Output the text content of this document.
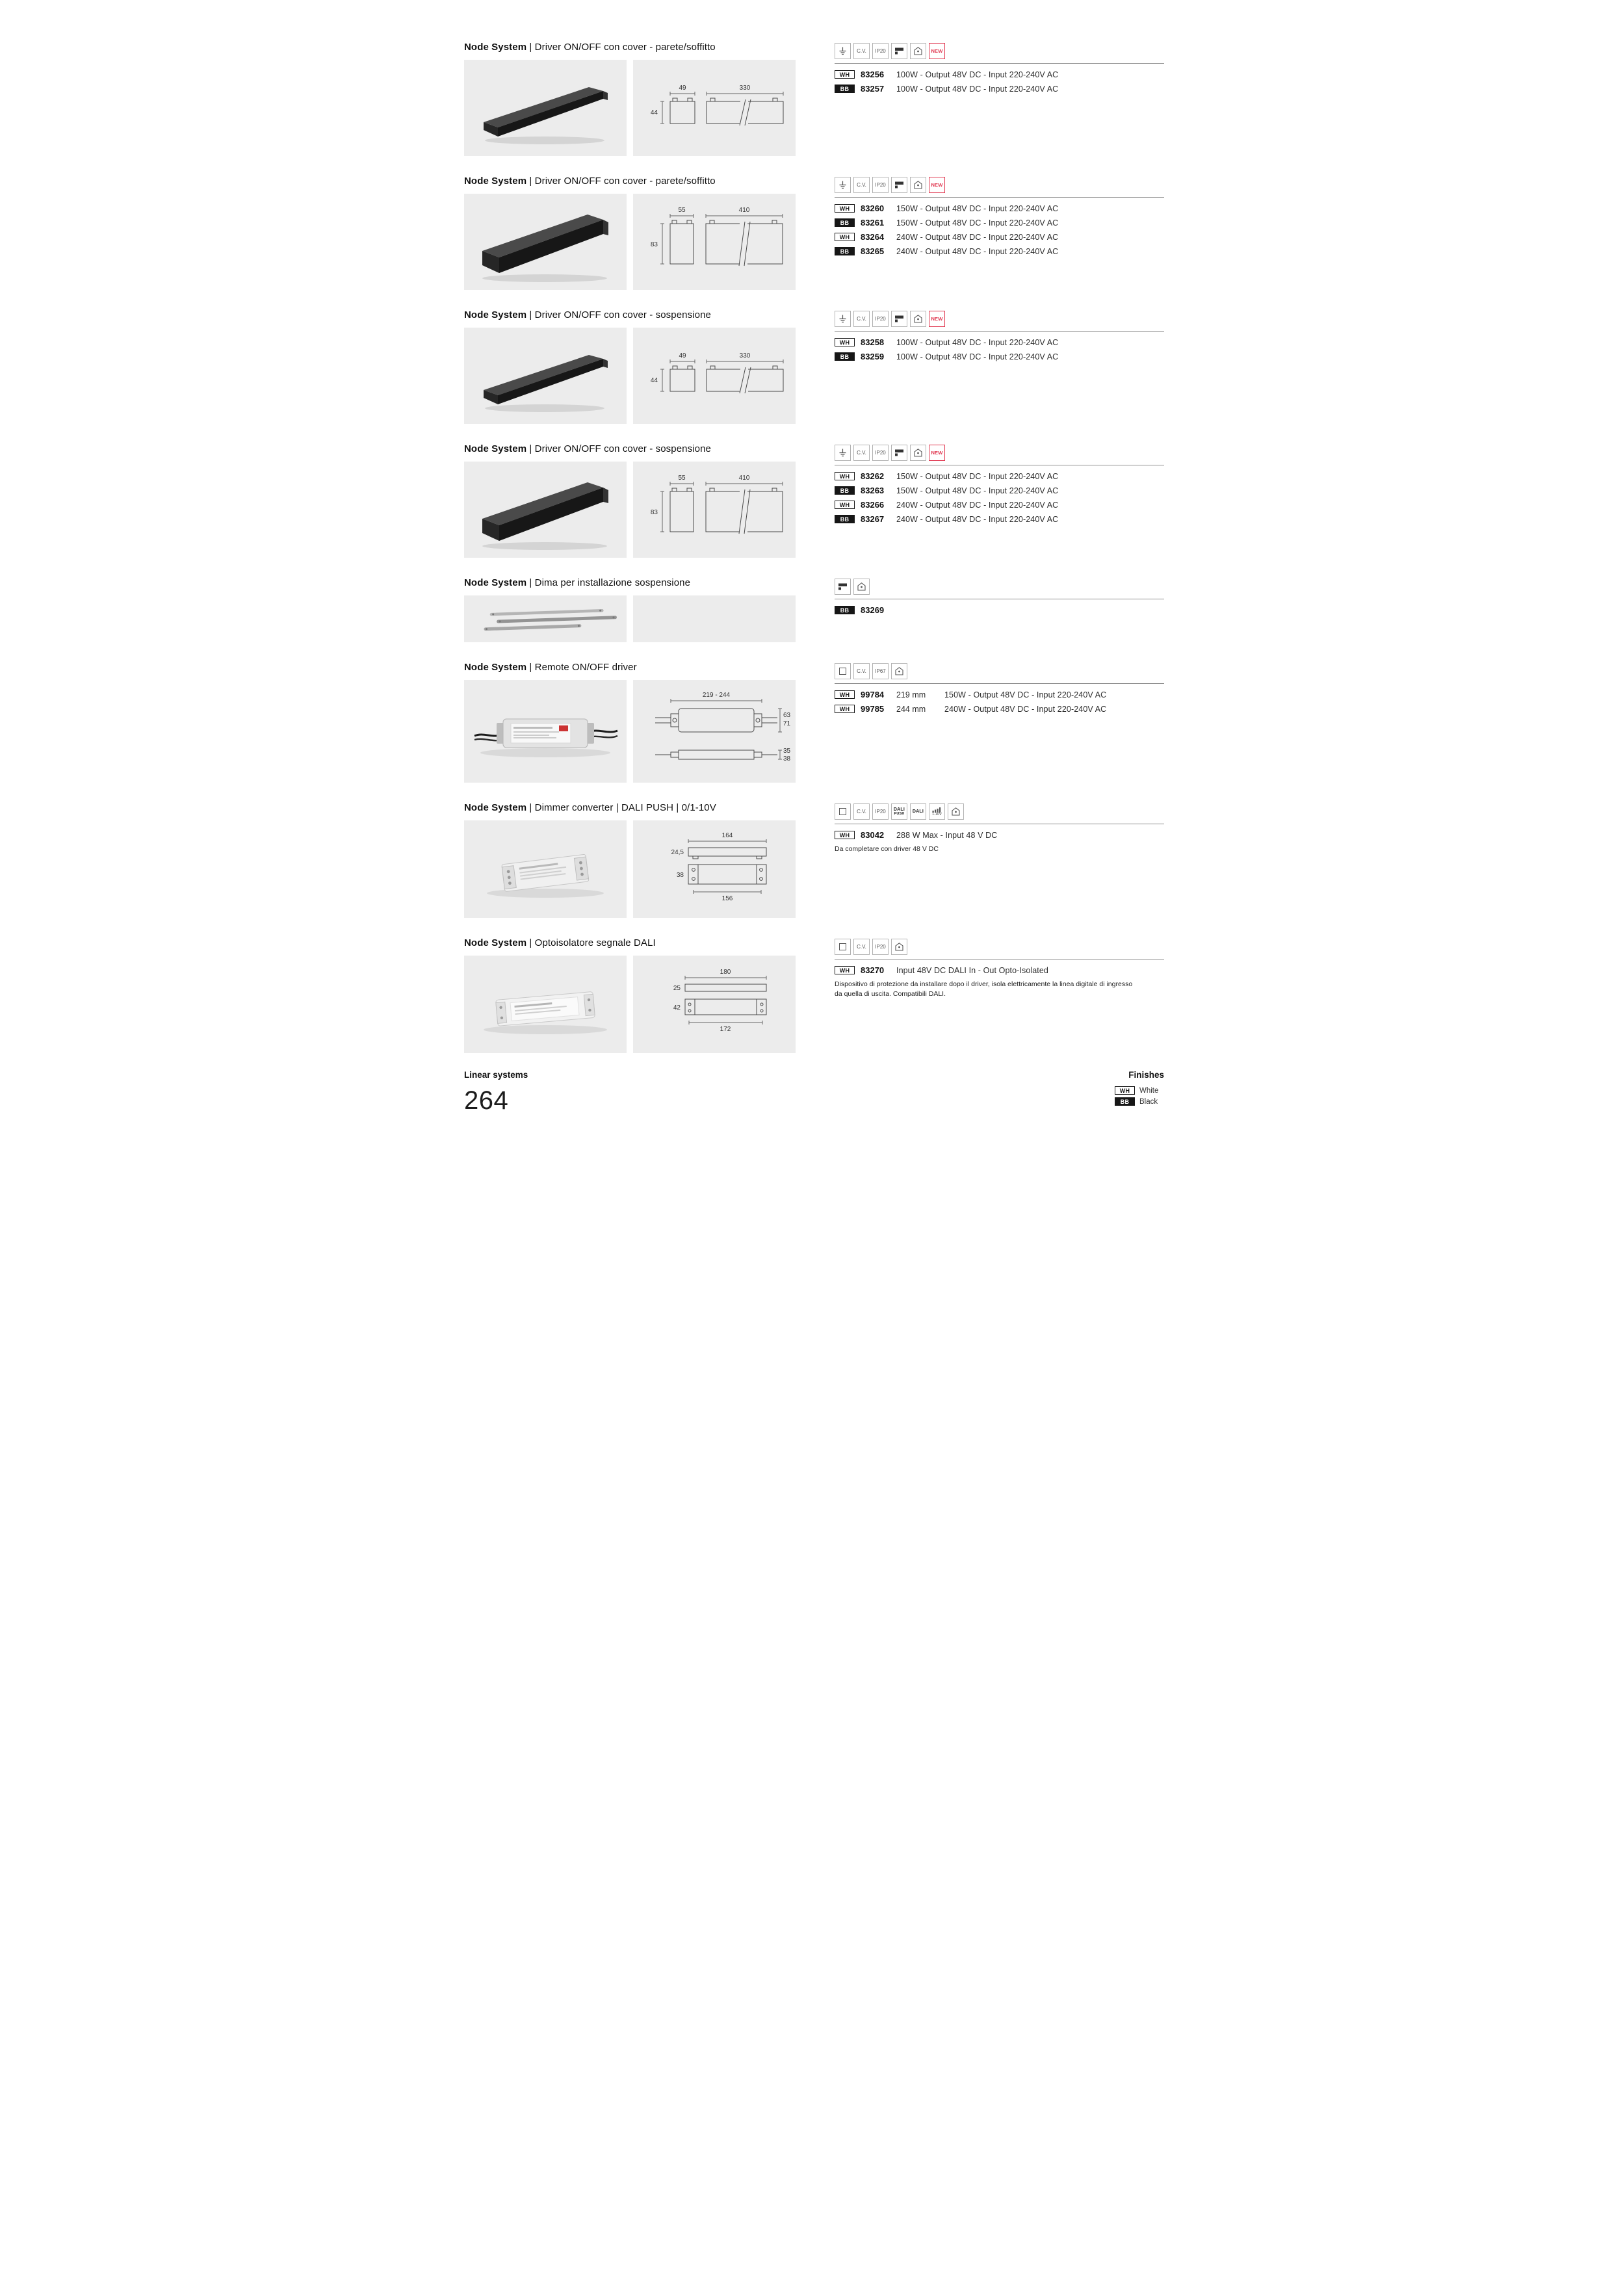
Node System | Driver ON/OFF con cover - parete/soffitto
49
44
330
C.V.	IP20	NEW
WH	83256	100W - Output 48V DC - Input 220-240V AC
BB	83257	100W - Output 48V DC - Input 220-240V AC
Node System | Driver ON/OFF con cover - parete/soffitto
55
83
410
C.V.	IP20	NEW
WH	83260	150W - Output 48V DC - Input 220-240V AC
BB	83261	150W - Output 48V DC - Input 220-240V AC
WH	83264	240W - Output 48V DC - Input 220-240V AC
BB	83265	240W - Output 48V DC - Input 220-240V AC
Node System | Driver ON/OFF con cover - sospensione
49
44
330
C.V.	IP20	NEW
WH	83258	100W - Output 48V DC - Input 220-240V AC
BB	83259	100W - Output 48V DC - Input 220-240V AC
Node System | Driver ON/OFF con cover - sospensione
55
83
410
C.V.	IP20	NEW
WH	83262	150W - Output 48V DC - Input 220-240V AC
BB	83263	150W - Output 48V DC - Input 220-240V AC
WH	83266	240W - Output 48V DC - Input 220-240V AC
BB	83267	240W - Output 48V DC - Input 220-240V AC
Node System | Dima per installazione sospensione
BB	83269
Node System | Remote ON/OFF driver
219 - 244
63
71
35
38
C.V.	IP67
WH	99784	219 mm	150W - Output 48V DC - Input 220-240V AC
WH	99785	244 mm	240W - Output 48V DC - Input 220-240V AC
Node System | Dimmer converter | DALI PUSH | 0/1-10V
164
24,5
38
156
C.V.	IP20	DALI
PUSH DALI
1-10V
WH	83042	288 W Max - Input 48 V DC

Da completare con driver 48 V DC

Node System | Optoisolatore segnale DALI
180
25
42
172
C.V.	IP20
WH	83270	Input 48V DC DALI In - Out Opto-Isolated

Dispositivo di protezione da installare dopo il driver, isola elettricamente la linea digitale di ingresso da quella di uscita. Compatibili DALI.

Linear systems
264
Finishes
WH	White
BB	Black
